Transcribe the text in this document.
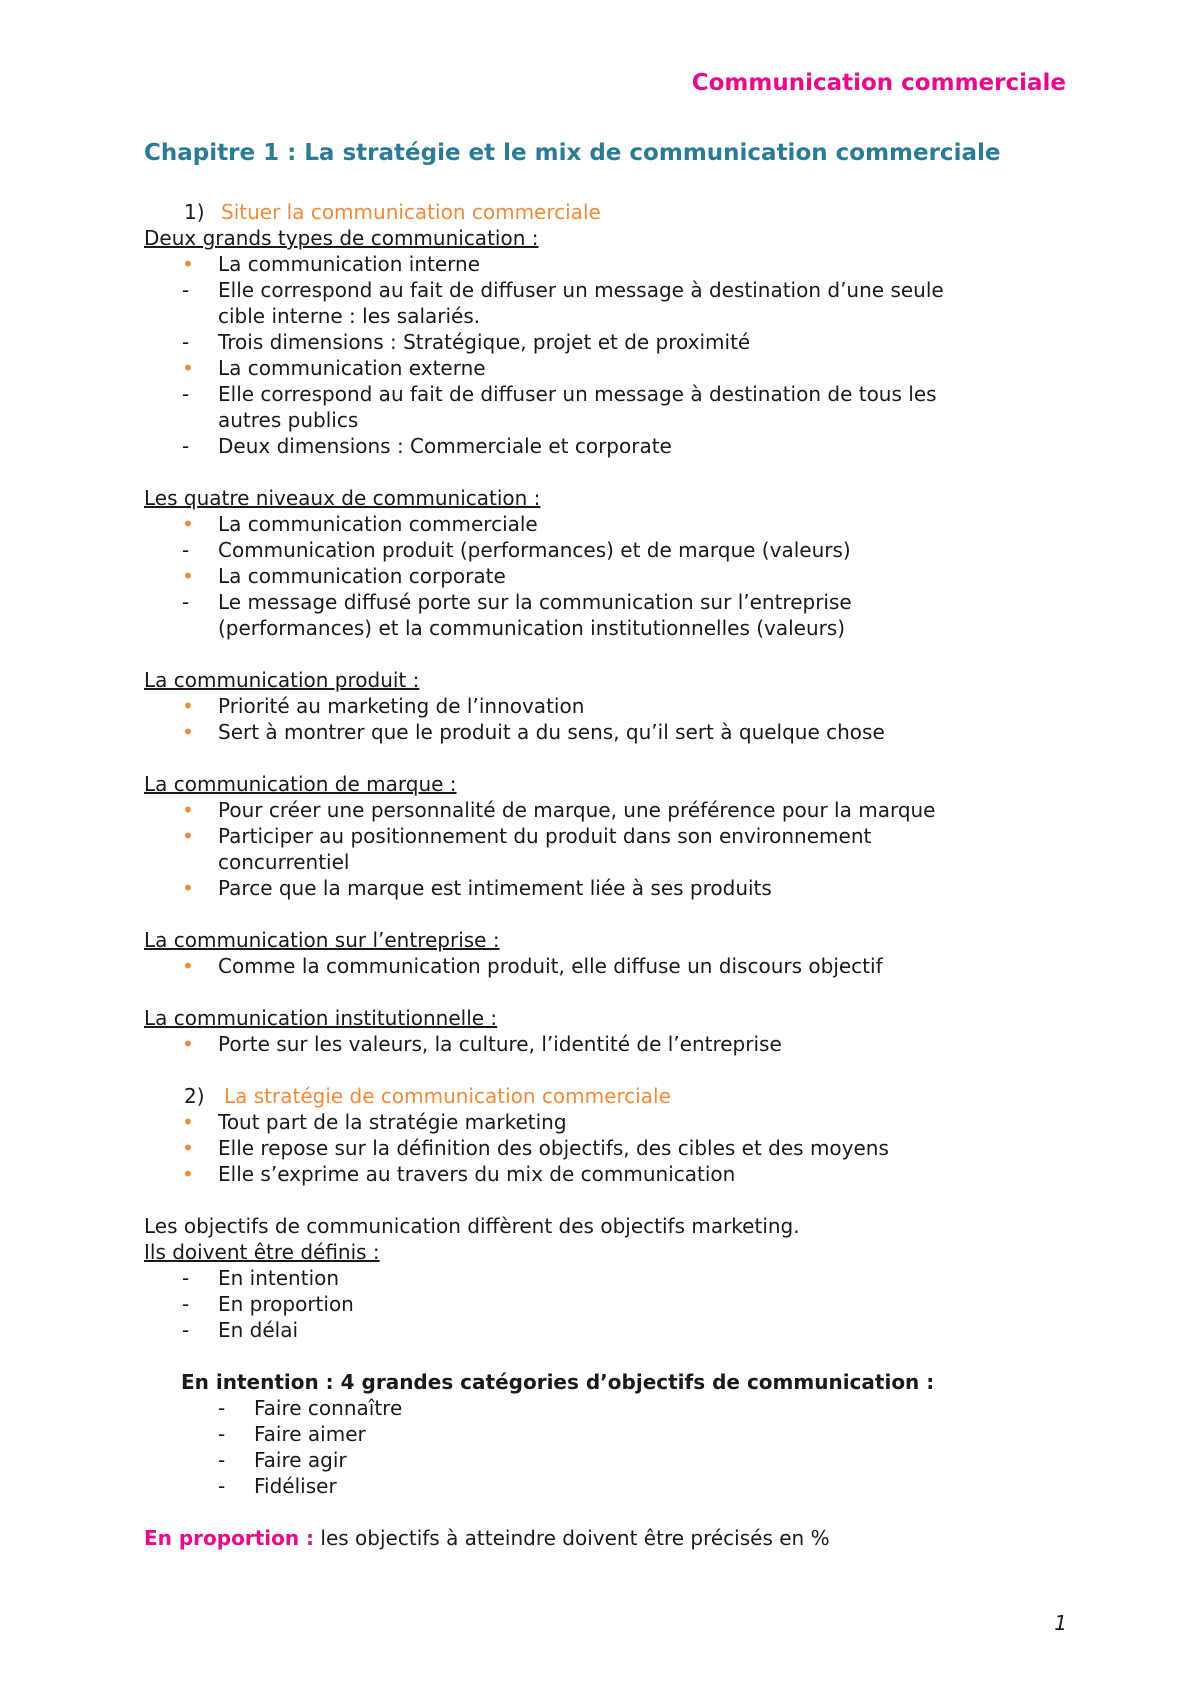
Communication commerciale
Chapitre 1 : La stratégie et le mix de communication commerciale
1) Situer la communication commerciale
Deux grands types de communication :
• La communication interne
- Elle correspond au fait de diffuser un message à destination d’une seule
cible interne : les salariés.
- Trois dimensions : Stratégique, projet et de proximité
• La communication externe
- Elle correspond au fait de diffuser un message à destination de tous les
autres publics
- Deux dimensions : Commerciale et corporate
Les quatre niveaux de communication :
• La communication commerciale
- Communication produit (performances) et de marque (valeurs)
• La communication corporate
- Le message diffusé porte sur la communication sur l’entreprise
(performances) et la communication institutionnelles (valeurs)
La communication produit :
• Priorité au marketing de l’innovation
• Sert à montrer que le produit a du sens, qu’il sert à quelque chose
La communication de marque :
• Pour créer une personnalité de marque, une préférence pour la marque
• Participer au positionnement du produit dans son environnement
concurrentiel
• Parce que la marque est intimement liée à ses produits
La communication sur l’entreprise :
• Comme la communication produit, elle diffuse un discours objectif
La communication institutionnelle :
• Porte sur les valeurs, la culture, l’identité de l’entreprise
2) La stratégie de communication commerciale
• Tout part de la stratégie marketing
• Elle repose sur la définition des objectifs, des cibles et des moyens
• Elle s’exprime au travers du mix de communication
Les objectifs de communication diffèrent des objectifs marketing.
Ils doivent être définis :
- En intention
- En proportion
- En délai
En intention : 4 grandes catégories d’objectifs de communication :
- Faire connaître
- Faire aimer
- Faire agir
- Fidéliser
En proportion : les objectifs à atteindre doivent être précisés en %
1
